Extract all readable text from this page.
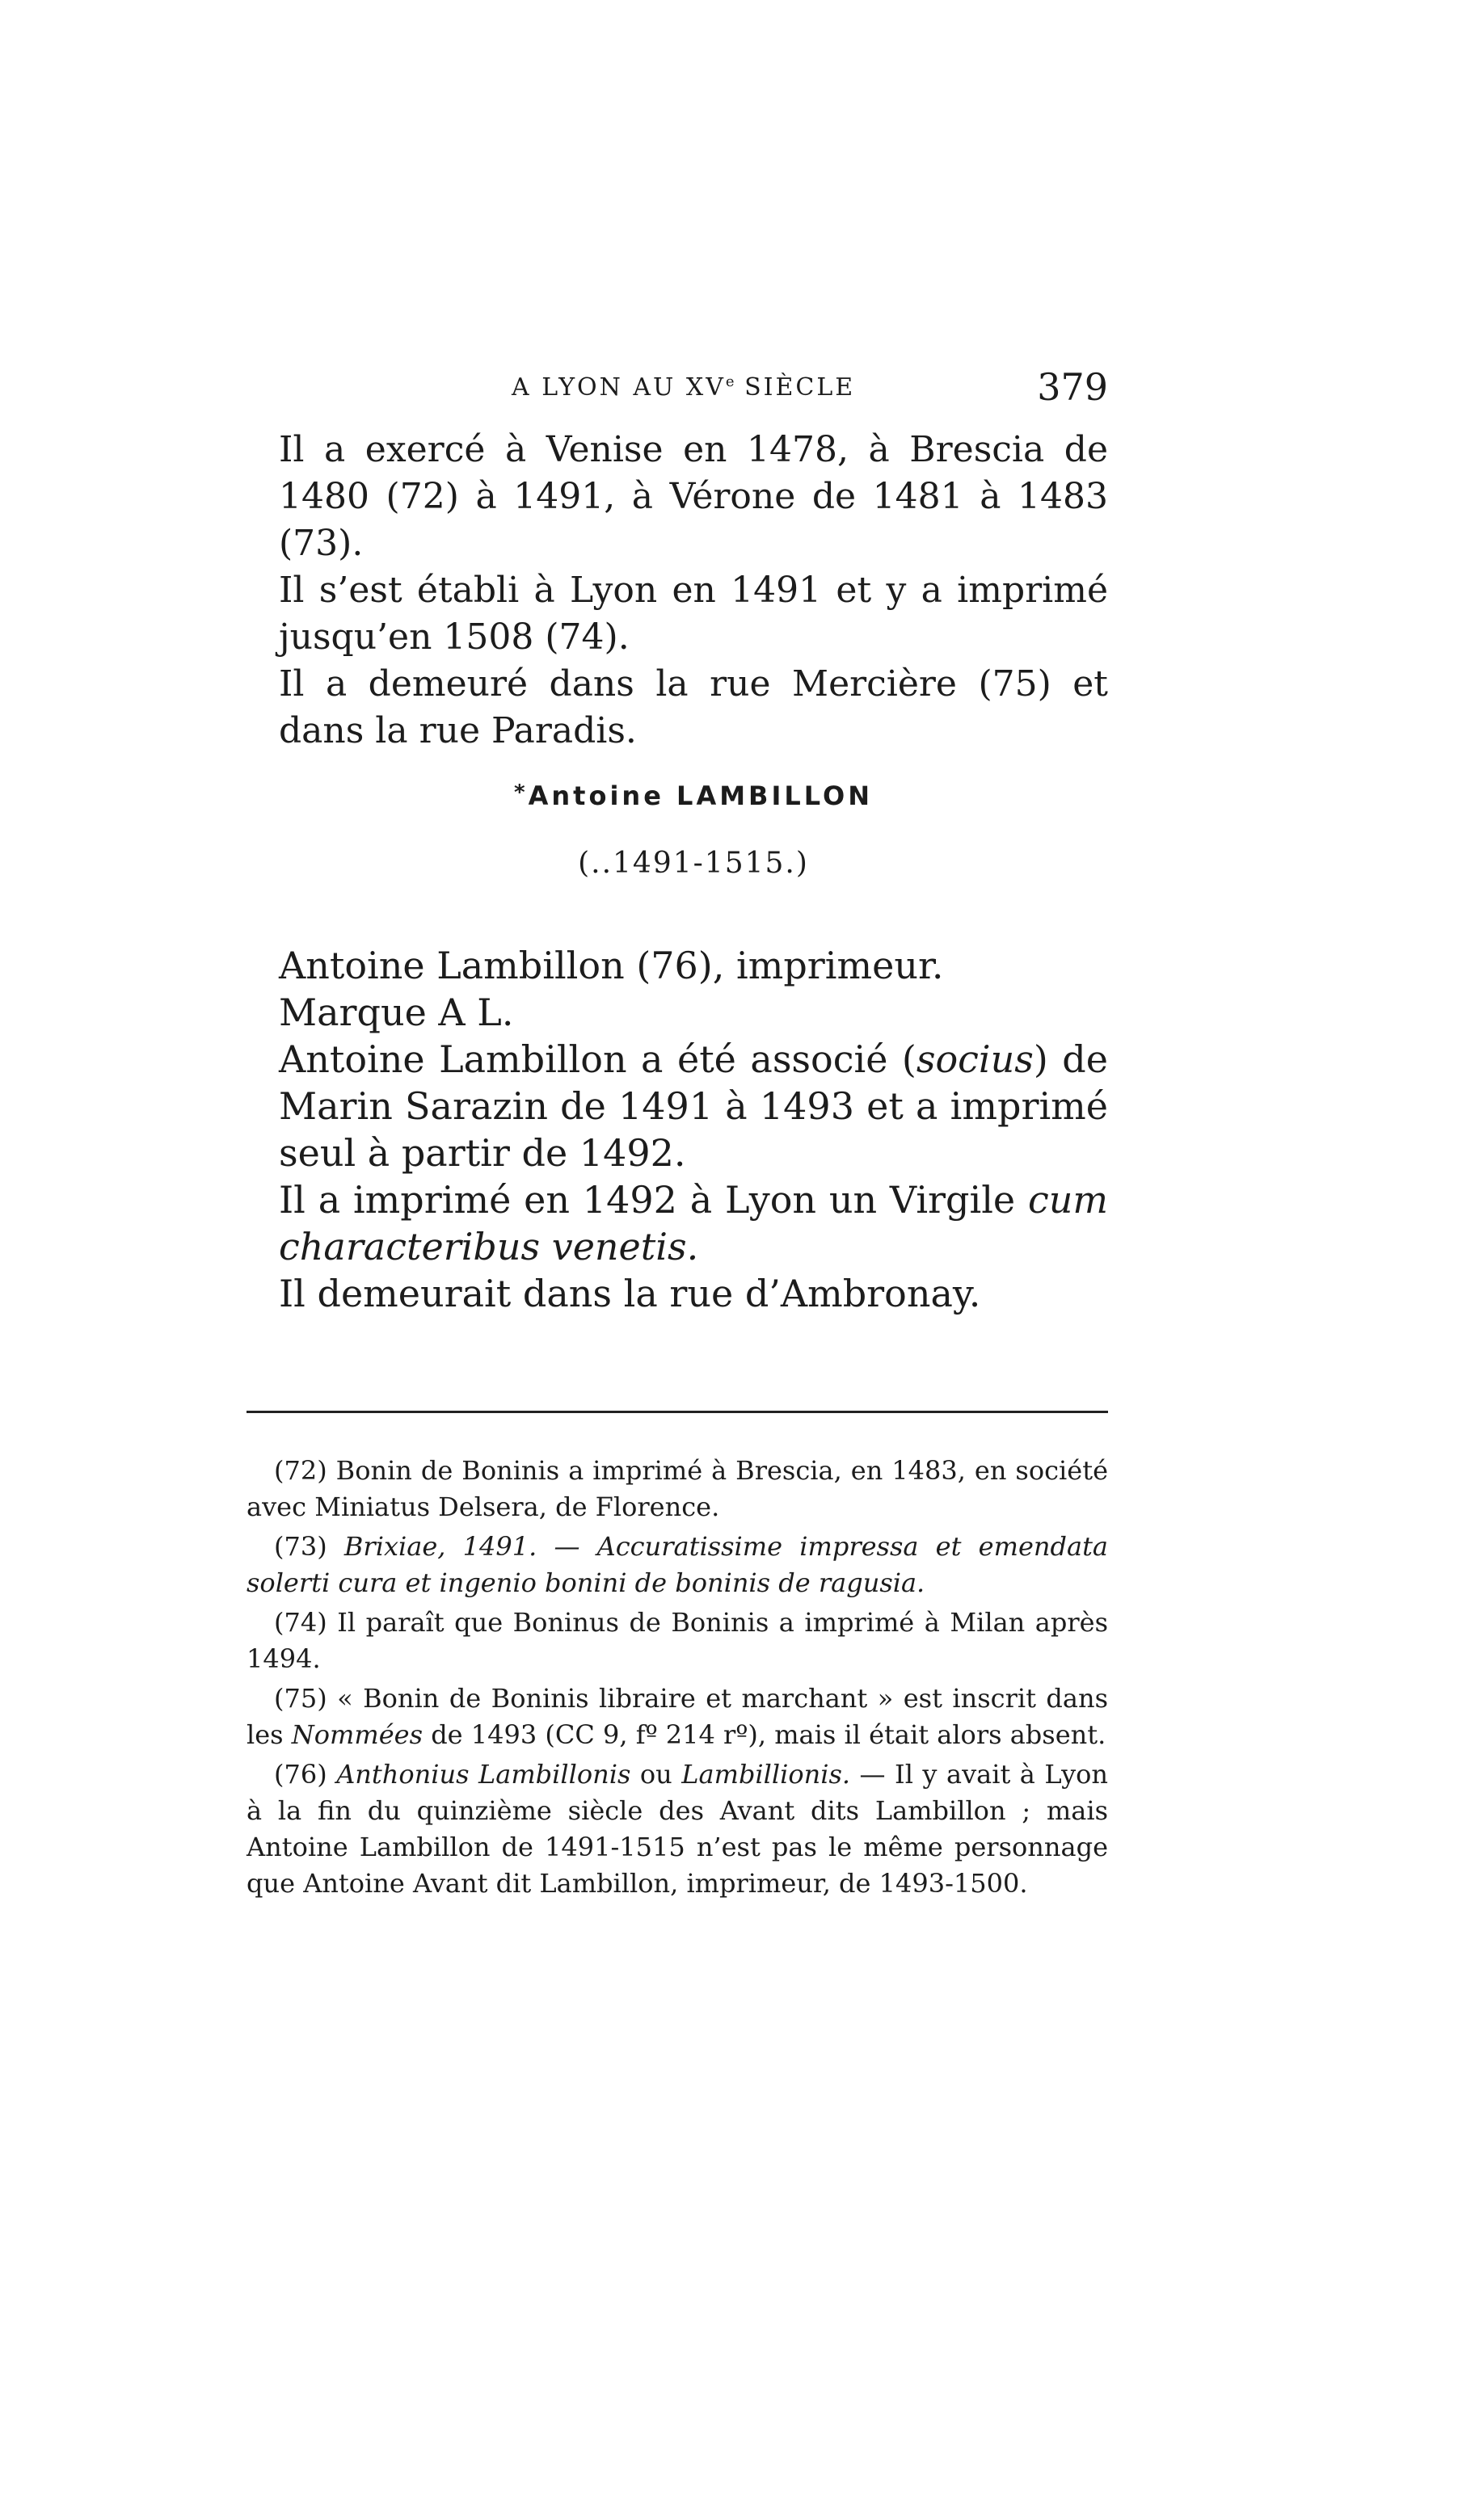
A LYON AU XVe SIÈCLE	379

Il a exercé à Venise en 1478, à Brescia de 1480 (72) à 1491, à Vérone de 1481 à 1483 (73).

Il s’est établi à Lyon en 1491 et y a imprimé jusqu’en 1508 (74).

Il a demeuré dans la rue Mercière (75) et dans la rue Paradis.

*Antoine LAMBILLON
(..1491-1515.)

Antoine Lambillon (76), imprimeur.

Marque A L.

Antoine Lambillon a été associé (socius) de Marin Sarazin de 1491 à 1493 et a imprimé seul à partir de 1492.

Il a imprimé en 1492 à Lyon un Virgile cum characteribus venetis.

Il demeurait dans la rue d’Ambronay.

(72) Bonin de Boninis a imprimé à Brescia, en 1483, en société avec Miniatus Delsera, de Florence.

(73) Brixiae, 1491. — Accuratissime impressa et emendata solerti cura et ingenio bonini de boninis de ragusia.

(74) Il paraît que Boninus de Boninis a imprimé à Milan après 1494.

(75) « Bonin de Boninis libraire et marchant » est inscrit dans les Nommées de 1493 (CC 9, fº 214 rº), mais il était alors absent.

(76) Anthonius Lambillonis ou Lambillionis. — Il y avait à Lyon à la fin du quinzième siècle des Avant dits Lambillon ; mais Antoine Lambillon de 1491-1515 n’est pas le même personnage que Antoine Avant dit Lambillon, imprimeur, de 1493-1500.
